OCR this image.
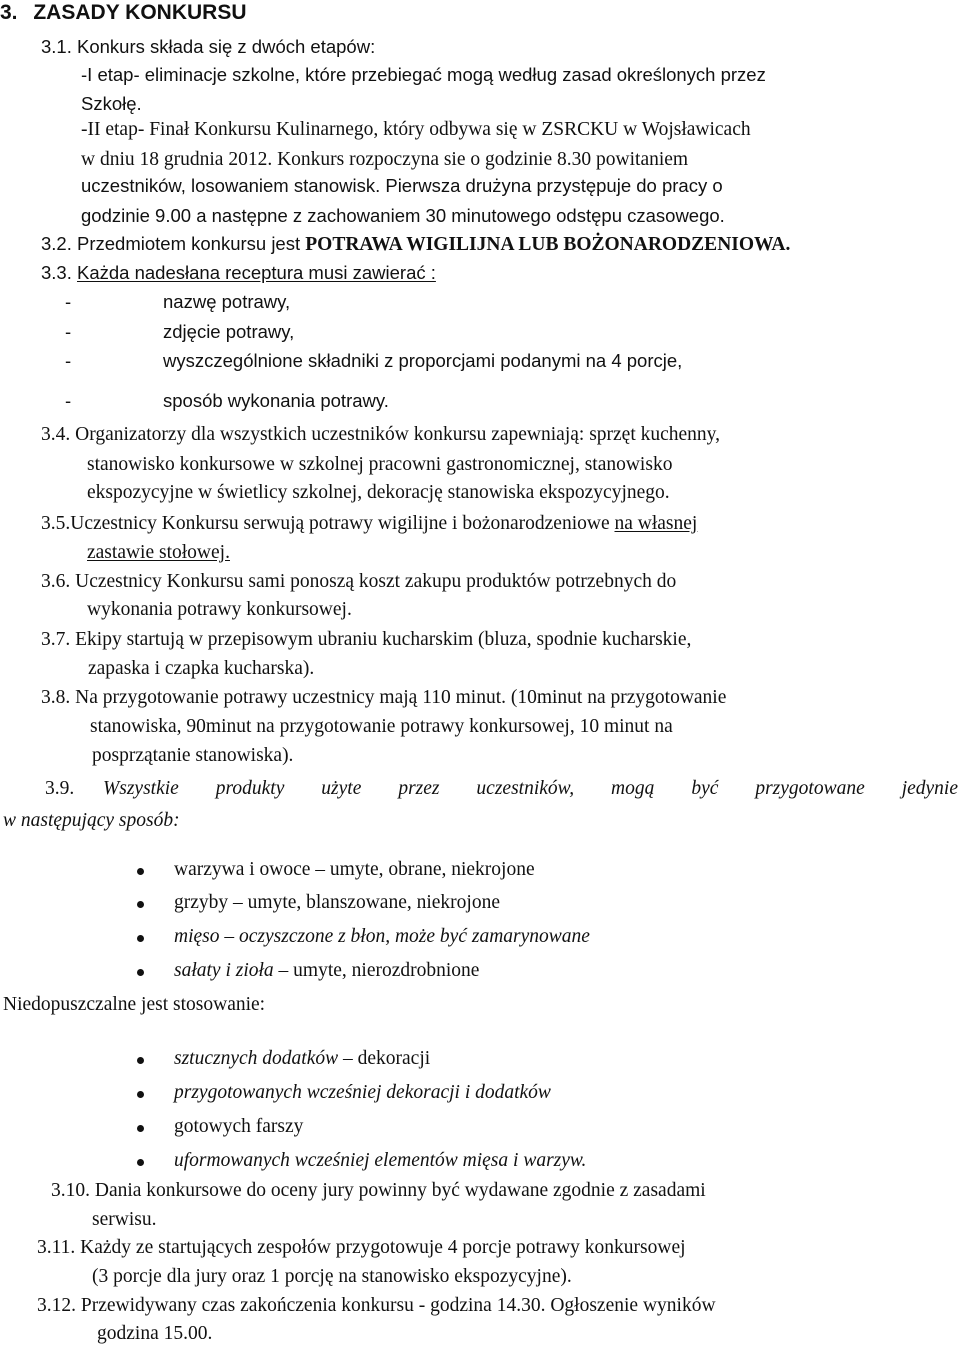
3. ZASADY KONKURSU
3.1. Konkurs składa się z dwóch etapów:
-I etap- eliminacje szkolne, które przebiegać mogą według zasad określonych przez
Szkołę.
-II etap- Finał Konkursu Kulinarnego, który odbywa się w ZSRCKU w Wojsławicach
w dniu 18 grudnia 2012. Konkurs rozpoczyna sie o godzinie 8.30 powitaniem
uczestników, losowaniem stanowisk. Pierwsza drużyna przystępuje do pracy o
godzinie 9.00 a następne z zachowaniem 30 minutowego odstępu czasowego.
3.2. Przedmiotem konkursu jest POTRAWA WIGILIJNA LUB BOŻONARODZENIOWA.
3.3. Każda nadesłana receptura musi zawierać :
-	nazwę potrawy,
-	zdjęcie potrawy,
-	wyszczególnione składniki z proporcjami podanymi na 4 porcje,
-	sposób wykonania potrawy.
3.4. Organizatorzy dla wszystkich uczestników konkursu zapewniają: sprzęt kuchenny,
stanowisko konkursowe w szkolnej pracowni gastronomicznej, stanowisko
ekspozycyjne w świetlicy szkolnej, dekorację stanowiska ekspozycyjnego.
3.5.Uczestnicy Konkursu serwują potrawy wigilijne i bożonarodzeniowe na własnej
zastawie stołowej.
3.6. Uczestnicy Konkursu sami ponoszą koszt zakupu produktów potrzebnych do
wykonania potrawy konkursowej.
3.7. Ekipy startują w przepisowym ubraniu kucharskim (bluza, spodnie kucharskie,
zapaska i czapka kucharska).
3.8. Na przygotowanie potrawy uczestnicy mają 110 minut. (10minut na przygotowanie
stanowiska, 90minut na przygotowanie potrawy konkursowej, 10 minut na
posprzątanie stanowiska).
3.9. Wszystkie produkty użyte przez uczestników, mogą być przygotowane jedynie
w następujący sposób:
warzywa i owoce – umyte, obrane, niekrojone
grzyby – umyte, blanszowane, niekrojone
mięso – oczyszczone z błon, może być zamarynowane
sałaty i zioła – umyte, nierozdrobnione
Niedopuszczalne jest stosowanie:
sztucznych dodatków – dekoracji
przygotowanych wcześniej dekoracji i dodatków
gotowych farszy
uformowanych wcześniej elementów mięsa i warzyw.
3.10. Dania konkursowe do oceny jury powinny być wydawane zgodnie z zasadami
serwisu.
3.11. Każdy ze startujących zespołów przygotowuje 4 porcje potrawy konkursowej
(3 porcje dla jury oraz 1 porcję na stanowisko ekspozycyjne).
3.12. Przewidywany czas zakończenia konkursu - godzina 14.30. Ogłoszenie wyników
godzina 15.00.
